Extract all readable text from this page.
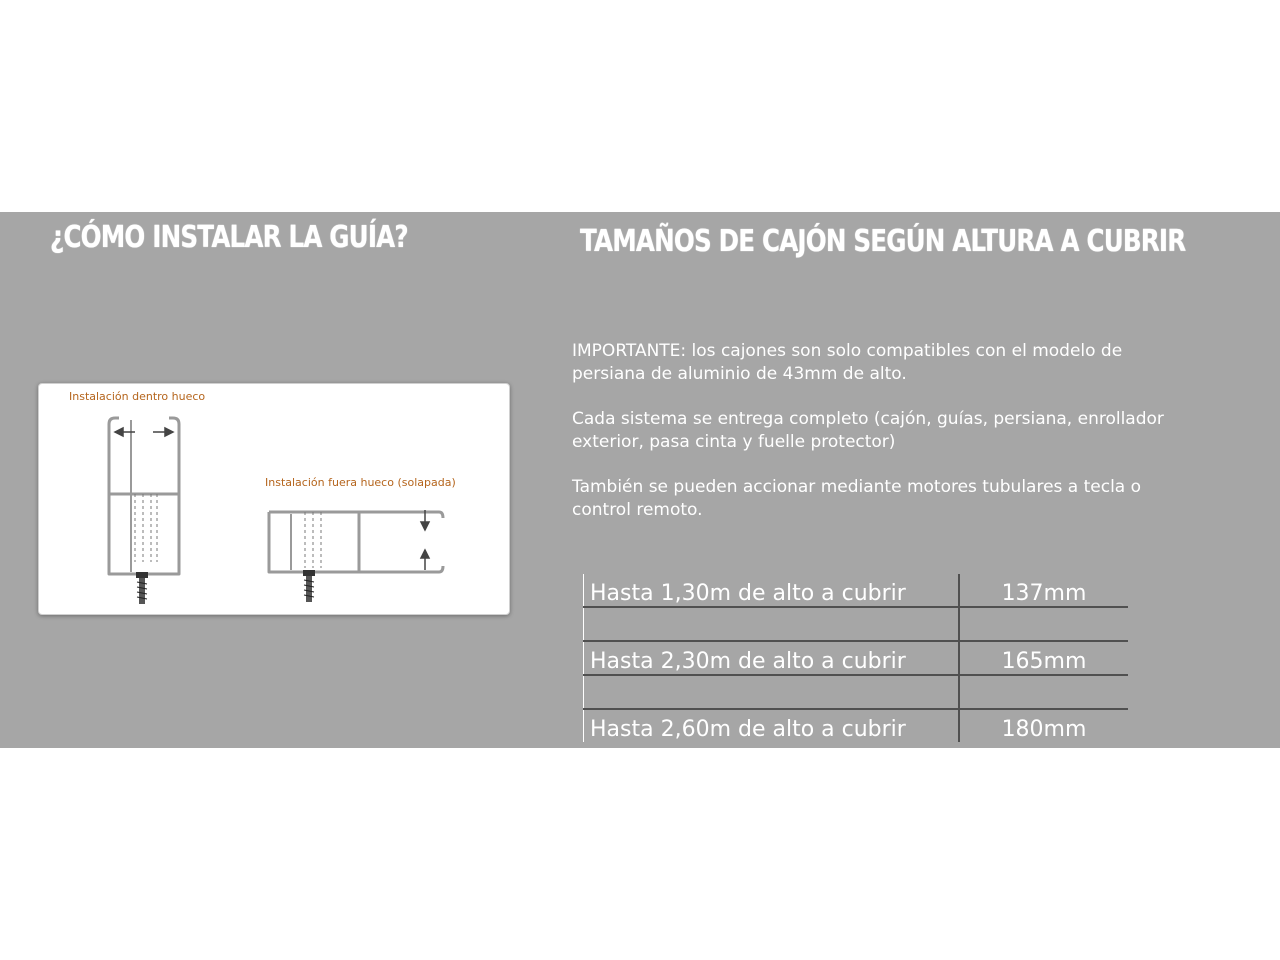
¿CÓMO INSTALAR LA GUÍA?	TAMAÑOS DE CAJÓN SEGÚN ALTURA A CUBRIR
Instalación dentro hueco
Instalación fuera hueco (solapada)

IMPORTANTE: los cajones son solo compatibles con el modelo de persiana de aluminio de 43mm de alto.

Cada sistema se entrega completo (cajón, guías, persiana, enrollador exterior, pasa cinta y fuelle protector)

También se pueden accionar mediante motores tubulares a tecla o control remoto.

Hasta 1,30m de alto a cubrir	137mm

Hasta 2,30m de alto a cubrir	165mm

Hasta 2,60m de alto a cubrir	180mm
